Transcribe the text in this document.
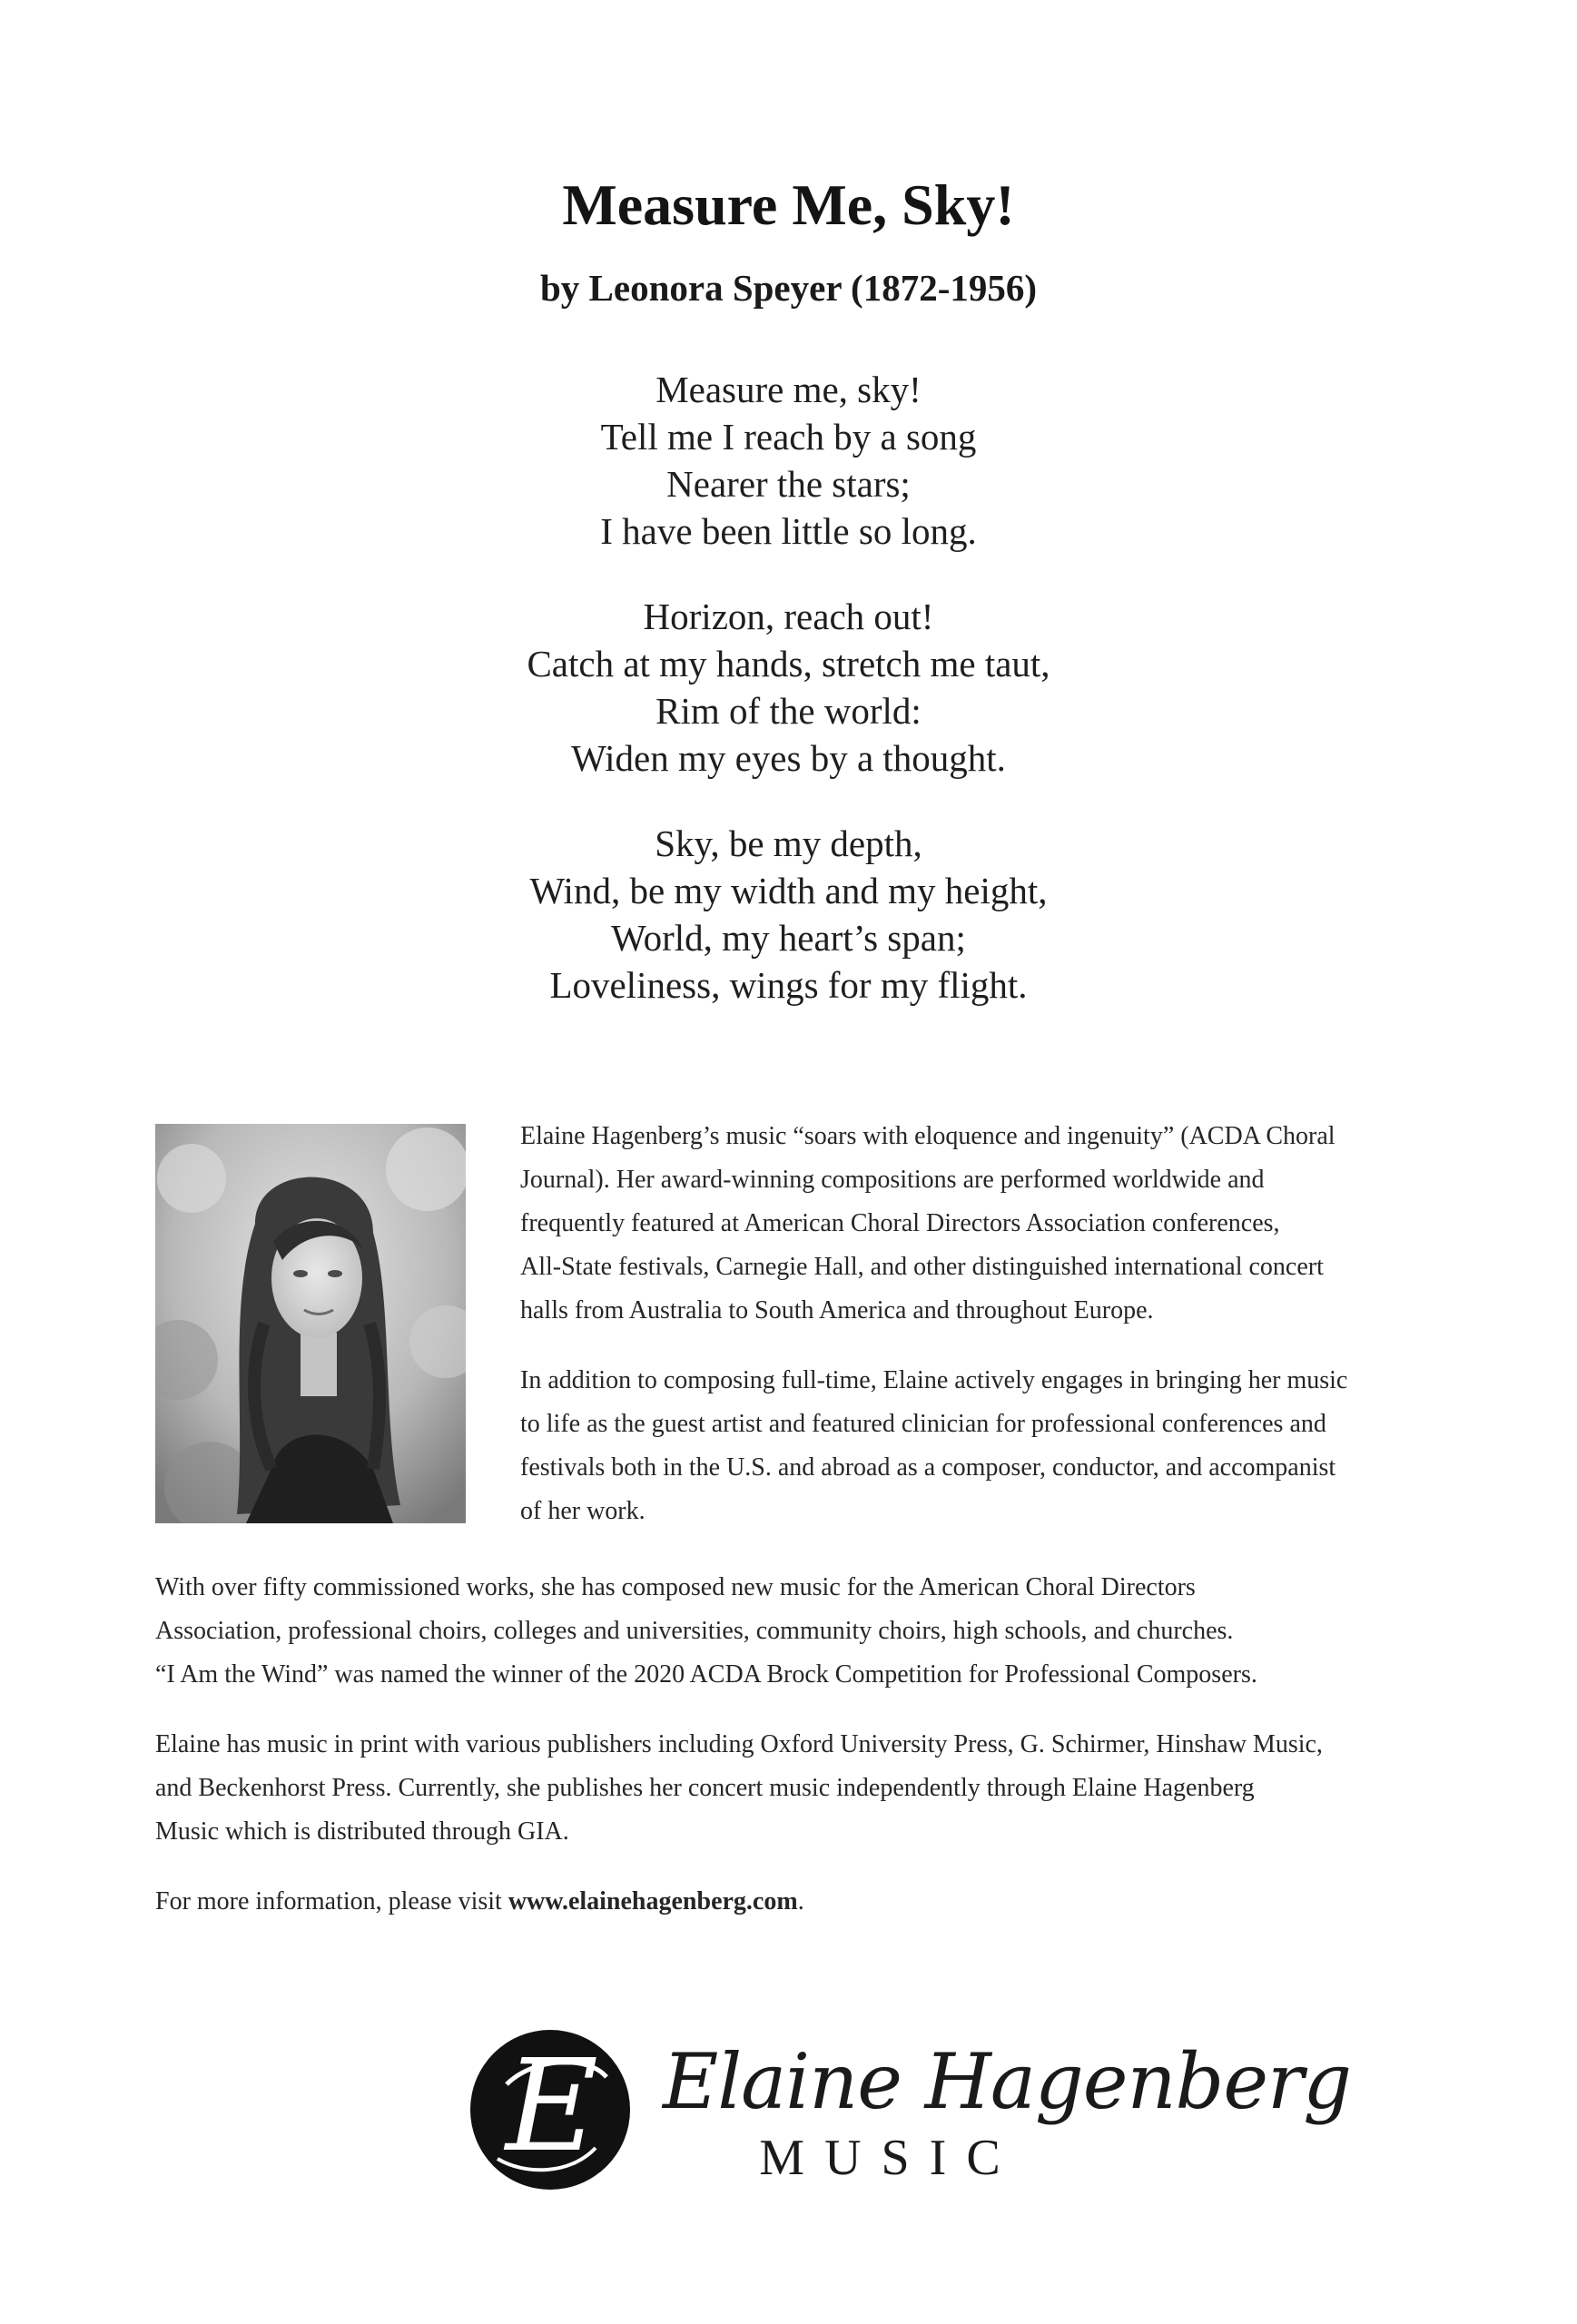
Measure Me, Sky!
by Leonora Speyer (1872-1956)
Measure me, sky!
Tell me I reach by a song
Nearer the stars;
I have been little so long.
Horizon, reach out!
Catch at my hands, stretch me taut,
Rim of the world:
Widen my eyes by a thought.
Sky, be my depth,
Wind, be my width and my height,
World, my heart’s span;
Loveliness, wings for my flight.
Elaine Hagenberg’s music “soars with eloquence and ingenuity” (ACDA Choral
Journal). Her award-winning compositions are performed worldwide and
frequently featured at American Choral Directors Association conferences,
All-State festivals, Carnegie Hall, and other distinguished international concert
halls from Australia to South America and throughout Europe.
In addition to composing full-time, Elaine actively engages in bringing her music
to life as the guest artist and featured clinician for professional conferences and
festivals both in the U.S. and abroad as a composer, conductor, and accompanist
of her work.
With over fifty commissioned works, she has composed new music for the American Choral Directors
Association, professional choirs, colleges and universities, community choirs, high schools, and churches.
“I Am the Wind” was named the winner of the 2020 ACDA Brock Competition for Professional Composers.
Elaine has music in print with various publishers including Oxford University Press, G. Schirmer, Hinshaw Music,
and Beckenhorst Press. Currently, she publishes her concert music independently through Elaine Hagenberg
Music which is distributed through GIA.
For more information, please visit www.elainehagenberg.com.
E Elaine Hagenberg
MUSIC
